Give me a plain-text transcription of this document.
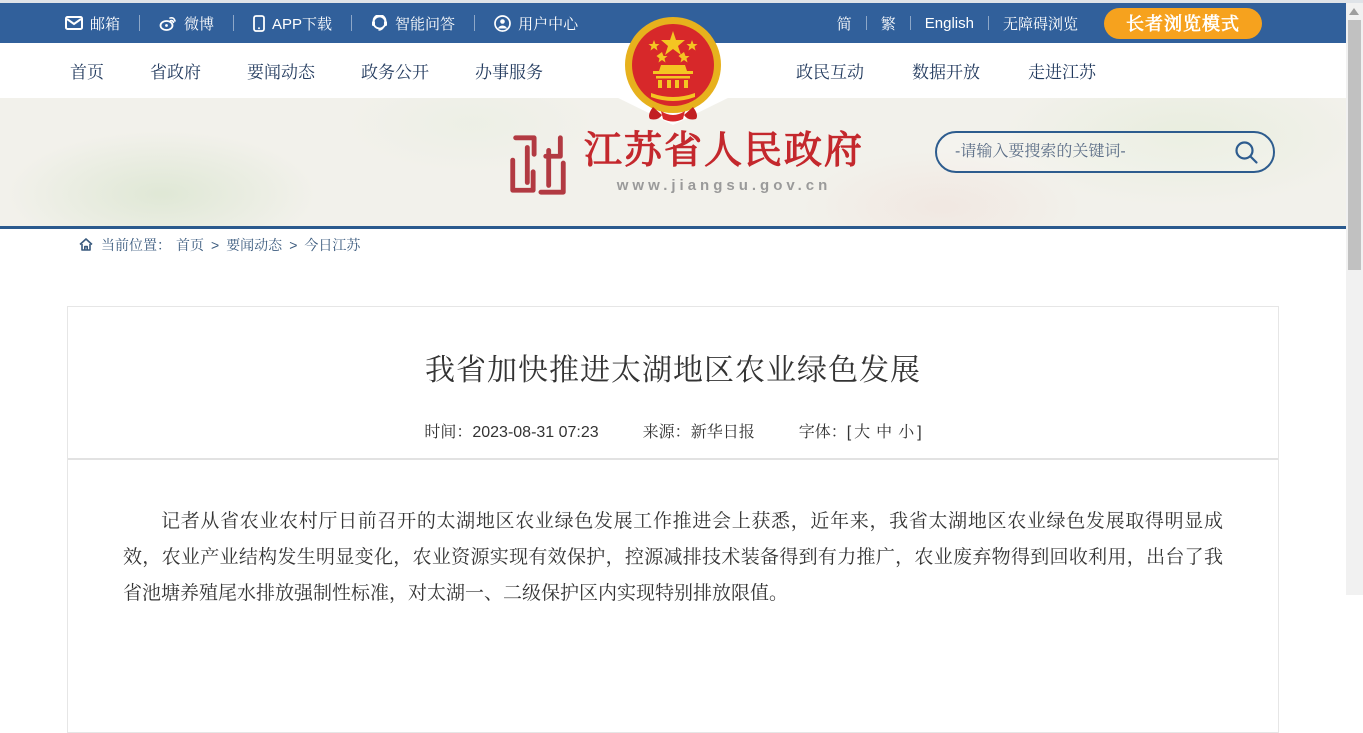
邮箱	微博	APP下载	智能问答	用户中心	简 繁 English 无障碍浏览	长者浏览模式
首页	省政府	要闻动态	政务公开	办事服务	政民互动	数据开放	走进江苏
江苏省人民政府
www.jiangsu.gov.cn
-请输入要搜索的关键词-
当前位置： 首页 > 要闻动态 > 今日江苏
我省加快推进太湖地区农业绿色发展
时间：2023-08-31 07:23	来源：新华日报	字体：[ 大 中 小 ]

记者从省农业农村厅日前召开的太湖地区农业绿色发展工作推进会上获悉，近年来，我省太湖地区农业绿色发展取得明显成效，农业产业结构发生明显变化，农业资源实现有效保护，控源减排技术装备得到有力推广，农业废弃物得到回收利用，出台了我省池塘养殖尾水排放强制性标准，对太湖一、二级保护区内实现特别排放限值。
